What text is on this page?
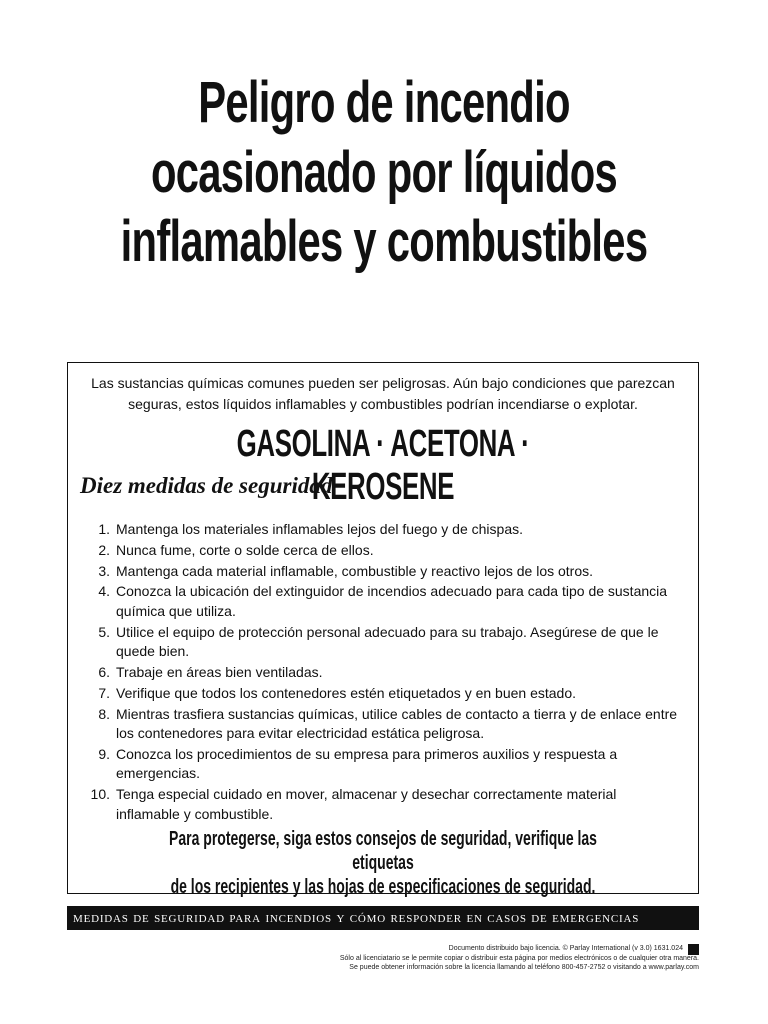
Peligro de incendio
ocasionado por líquidos
inflamables y combustibles
Las sustancias químicas comunes pueden ser peligrosas. Aún bajo condiciones que parezcan seguras, estos líquidos inflamables y combustibles podrían incendiarse o explotar.
GASOLINA · ACETONA · KEROSENE
Diez medidas de seguridad
1. Mantenga los materiales inflamables lejos del fuego y de chispas.
2. Nunca fume, corte o solde cerca de ellos.
3. Mantenga cada material inflamable, combustible y reactivo lejos de los otros.
4. Conozca la ubicación del extinguidor de incendios adecuado para cada tipo de sustancia química que utiliza.
5. Utilice el equipo de protección personal adecuado para su trabajo. Asegúrese de que le quede bien.
6. Trabaje en áreas bien ventiladas.
7. Verifique que todos los contenedores estén etiquetados y en buen estado.
8. Mientras trasfiera sustancias químicas, utilice cables de contacto a tierra y de enlace entre los contenedores para evitar electricidad estática peligrosa.
9. Conozca los procedimientos de su empresa para primeros auxilios y respuesta a emergencias.
10. Tenga especial cuidado en mover, almacenar y desechar correctamente material inflamable y combustible.
Para protegerse, siga estos consejos de seguridad, verifique las etiquetas
de los recipientes y las hojas de especificaciones de seguridad.
medidas de seguridad para incendios y cómo responder en casos de emergencias
Documento distribuido bajo licencia. © Parlay International (v 3.0) 1631.024
Sólo al licenciatario se le permite copiar o distribuir esta página por medios electrónicos o de cualquier otra manera.
Se puede obtener información sobre la licencia llamando al teléfono 800-457-2752 o visitando a www.parlay.com
